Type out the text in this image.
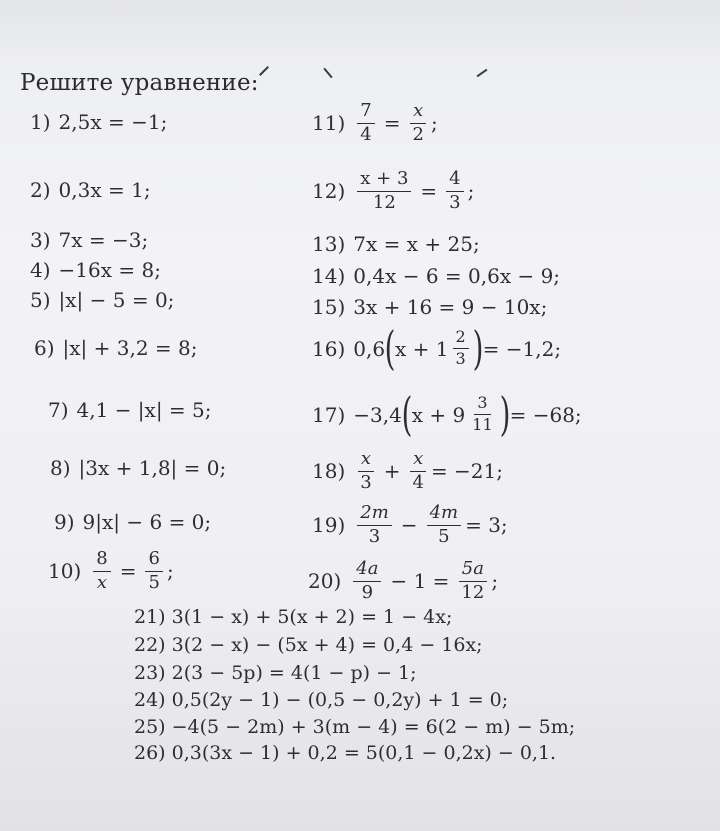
Решите уравнение:
1) 2,5x = −1;
2) 0,3x = 1;
3) 7x = −3;
4) −16x = 8;
5) |x| − 5 = 0;
6) |x| + 3,2 = 8;
7) 4,1 − |x| = 5;
8) |3x + 1,8| = 0;
9) 9|x| − 6 = 0;
$10) \frac{8}{x} = \frac{6}{5}$ ;
$11) \frac{7}{4} = \frac{x}{2}$ ;
$12) \frac{x + 3}{12} = \frac{4}{3}$ ;
13) 7x = x + 25;
14) 0,4x − 6 = 0,6x − 9;
15) 3x + 16 = 9 − 10x;
16) 0,6 ( $x + 1 \frac{2}{3}$ ) = −1,2;
17) −3,4 ( $x + 9 \frac{3}{11}$ ) = −68;
$18) \frac{x}{3} + \frac{x}{4} = -21$;
$19) \frac{2m}{3} - \frac{4m}{5} = 3$;
$20) \frac{4a}{9} - 1 = \frac{5a}{12}$ ;
21) 3(1 − x) + 5(x + 2) = 1 − 4x;
22) 3(2 − x) − (5x + 4) = 0,4 − 16x;
23) 2(3 − 5p) = 4(1 − p) − 1;
24) 0,5(2y − 1) − (0,5 − 0,2y) + 1 = 0;
25) −4(5 − 2m) + 3(m − 4) = 6(2 − m) − 5m;
26) 0,3(3x − 1) + 0,2 = 5(0,1 − 0,2x) − 0,1.
